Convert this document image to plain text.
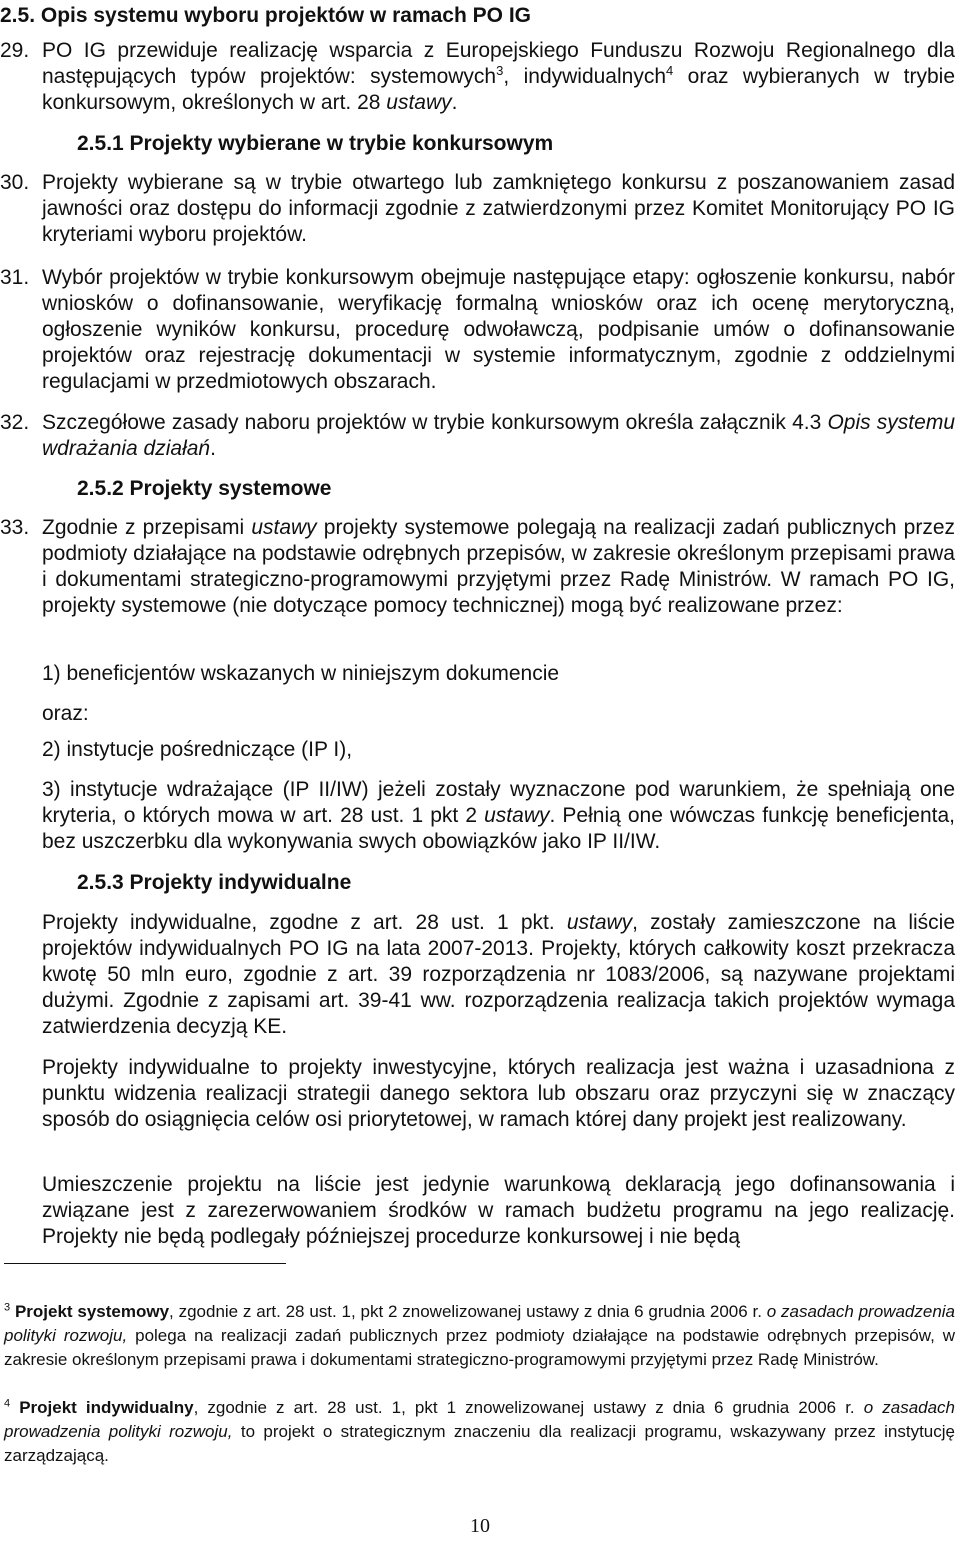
2.5. Opis systemu wyboru projektów w ramach PO IG

29. PO IG przewiduje realizację wsparcia z Europejskiego Funduszu Rozwoju Regionalnego dla następujących typów projektów: systemowych$^3$, indywidualnych$^4$ oraz wybieranych w trybie konkursowym, określonych w art. 28 ustawy.

2.5.1 Projekty wybierane w trybie konkursowym

30. Projekty wybierane są w trybie otwartego lub zamkniętego konkursu z poszanowaniem zasad jawności oraz dostępu do informacji zgodnie z zatwierdzonymi przez Komitet Monitorujący PO IG kryteriami wyboru projektów.

31. Wybór projektów w trybie konkursowym obejmuje następujące etapy: ogłoszenie konkursu, nabór wniosków o dofinansowanie, weryfikację formalną wniosków oraz ich ocenę merytoryczną, ogłoszenie wyników konkursu, procedurę odwoławczą, podpisanie umów o dofinansowanie projektów oraz rejestrację dokumentacji w systemie informatycznym, zgodnie z oddzielnymi regulacjami w przedmiotowych obszarach.

32. Szczegółowe zasady naboru projektów w trybie konkursowym określa załącznik 4.3 Opis systemu wdrażania działań.

2.5.2 Projekty systemowe

33. Zgodnie z przepisami ustawy projekty systemowe polegają na realizacji zadań publicznych przez podmioty działające na podstawie odrębnych przepisów, w zakresie określonym przepisami prawa i dokumentami strategiczno-programowymi przyjętymi przez Radę Ministrów. W ramach PO IG, projekty systemowe (nie dotyczące pomocy technicznej) mogą być realizowane przez:

1) beneficjentów wskazanych w niniejszym dokumencie

oraz:

2) instytucje pośredniczące (IP I),

3) instytucje wdrażające (IP II/IW) jeżeli zostały wyznaczone pod warunkiem, że spełniają one kryteria, o których mowa w art. 28 ust. 1 pkt 2 ustawy. Pełnią one wówczas funkcję beneficjenta, bez uszczerbku dla wykonywania swych obowiązków jako IP II/IW.

2.5.3 Projekty indywidualne

Projekty indywidualne, zgodne z art. 28 ust. 1 pkt. ustawy, zostały zamieszczone na liście projektów indywidualnych PO IG na lata 2007-2013. Projekty, których całkowity koszt przekracza kwotę 50 mln euro, zgodnie z art. 39 rozporządzenia nr 1083/2006, są nazywane projektami dużymi. Zgodnie z zapisami art. 39-41 ww. rozporządzenia realizacja takich projektów wymaga zatwierdzenia decyzją KE.

Projekty indywidualne to projekty inwestycyjne, których realizacja jest ważna i uzasadniona z punktu widzenia realizacji strategii danego sektora lub obszaru oraz przyczyni się w znaczący sposób do osiągnięcia celów osi priorytetowej, w ramach której dany projekt jest realizowany.

Umieszczenie projektu na liście jest jedynie warunkową deklaracją jego dofinansowania i związane jest z zarezerwowaniem środków w ramach budżetu programu na jego realizację. Projekty nie będą podlegały późniejszej procedurze konkursowej i nie będą

$^3$ Projekt systemowy, zgodnie z art. 28 ust. 1, pkt 2 znowelizowanej ustawy z dnia 6 grudnia 2006 r. o zasadach prowadzenia polityki rozwoju, polega na realizacji zadań publicznych przez podmioty działające na podstawie odrębnych przepisów, w zakresie określonym przepisami prawa i dokumentami strategiczno-programowymi przyjętymi przez Radę Ministrów.

$^4$ Projekt indywidualny, zgodnie z art. 28 ust. 1, pkt 1 znowelizowanej ustawy z dnia 6 grudnia 2006 r. o zasadach prowadzenia polityki rozwoju, to projekt o strategicznym znaczeniu dla realizacji programu, wskazywany przez instytucję zarządzającą.

10
